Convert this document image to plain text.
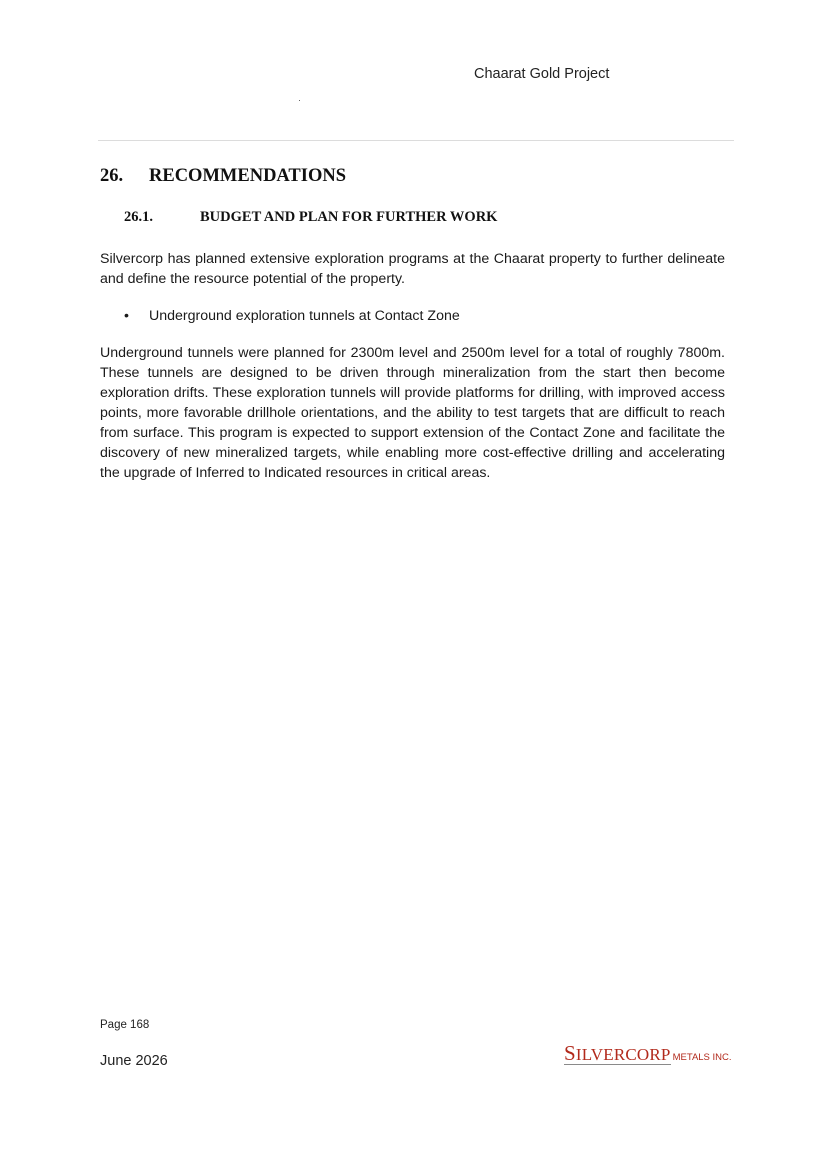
Chaarat Gold Project
26. RECOMMENDATIONS
26.1.	BUDGET AND PLAN FOR FURTHER WORK

Silvercorp has planned extensive exploration programs at the Chaarat property to further delineate and define the resource potential of the property.

• Underground exploration tunnels at Contact Zone

Underground tunnels were planned for 2300m level and 2500m level for a total of roughly 7800m. These tunnels are designed to be driven through mineralization from the start then become exploration drifts. These exploration tunnels will provide platforms for drilling, with improved access points, more favorable drillhole orientations, and the ability to test targets that are difficult to reach from surface. This program is expected to support extension of the Contact Zone and facilitate the discovery of new mineralized targets, while enabling more cost-effective drilling and accelerating the upgrade of Inferred to Indicated resources in critical areas.

Page 168
June 2026	SILVERCORP METALS INC.
